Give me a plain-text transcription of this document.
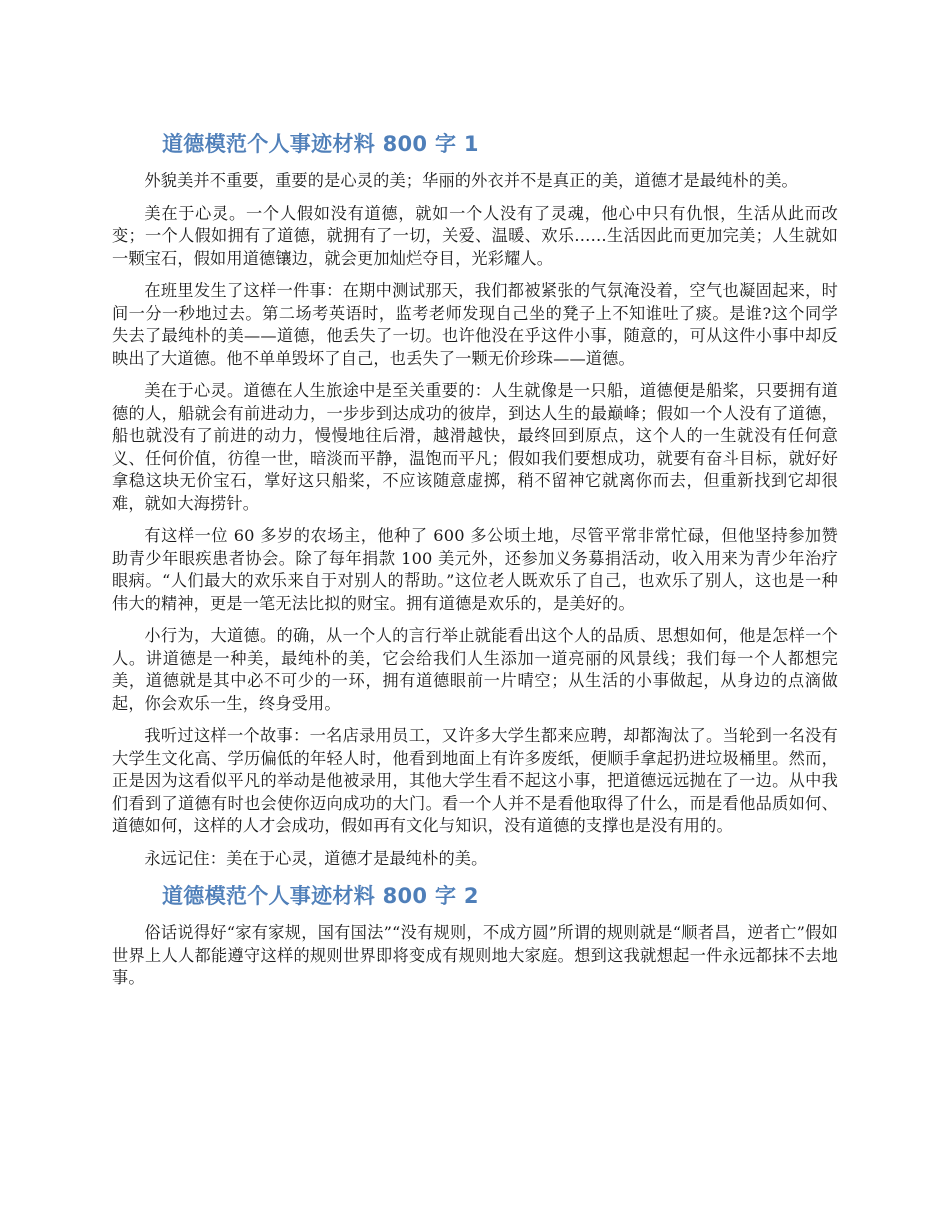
道德模范个人事迹材料 800 字 1

外貌美并不重要，重要的是心灵的美；华丽的外衣并不是真正的美，道德才是最纯朴的美。

美在于心灵。一个人假如没有道德，就如一个人没有了灵魂，他心中只有仇恨，生活从此而改变；一个人假如拥有了道德，就拥有了一切，关爱、温暖、欢乐……生活因此而更加完美；人生就如一颗宝石，假如用道德镶边，就会更加灿烂夺目，光彩耀人。

在班里发生了这样一件事：在期中测试那天，我们都被紧张的气氛淹没着，空气也凝固起来，时间一分一秒地过去。第二场考英语时，监考老师发现自己坐的凳子上不知谁吐了痰。是谁?这个同学失去了最纯朴的美——道德，他丢失了一切。也许他没在乎这件小事，随意的，可从这件小事中却反映出了大道德。他不单单毁坏了自己，也丢失了一颗无价珍珠——道德。

美在于心灵。道德在人生旅途中是至关重要的：人生就像是一只船，道德便是船桨，只要拥有道德的人，船就会有前进动力，一步步到达成功的彼岸，到达人生的最巅峰；假如一个人没有了道德，船也就没有了前进的动力，慢慢地往后滑，越滑越快，最终回到原点，这个人的一生就没有任何意义、任何价值，彷徨一世，暗淡而平静，温饱而平凡；假如我们要想成功，就要有奋斗目标，就好好拿稳这块无价宝石，掌好这只船桨，不应该随意虚掷，稍不留神它就离你而去，但重新找到它却很难，就如大海捞针。

有这样一位 60 多岁的农场主，他种了 600 多公顷土地，尽管平常非常忙碌，但他坚持参加赞助青少年眼疾患者协会。除了每年捐款 100 美元外，还参加义务募捐活动，收入用来为青少年治疗眼病。“人们最大的欢乐来自于对别人的帮助。”这位老人既欢乐了自己，也欢乐了别人，这也是一种伟大的精神，更是一笔无法比拟的财宝。拥有道德是欢乐的，是美好的。

小行为，大道德。的确，从一个人的言行举止就能看出这个人的品质、思想如何，他是怎样一个人。讲道德是一种美，最纯朴的美，它会给我们人生添加一道亮丽的风景线；我们每一个人都想完美，道德就是其中必不可少的一环，拥有道德眼前一片晴空；从生活的小事做起，从身边的点滴做起，你会欢乐一生，终身受用。

我听过这样一个故事：一名店录用员工，又许多大学生都来应聘，却都淘汰了。当轮到一名没有大学生文化高、学历偏低的年轻人时，他看到地面上有许多废纸，便顺手拿起扔进垃圾桶里。然而，正是因为这看似平凡的举动是他被录用，其他大学生看不起这小事，把道德远远抛在了一边。从中我们看到了道德有时也会使你迈向成功的大门。看一个人并不是看他取得了什么，而是看他品质如何、道德如何，这样的人才会成功，假如再有文化与知识，没有道德的支撑也是没有用的。

永远记住：美在于心灵，道德才是最纯朴的美。

道德模范个人事迹材料 800 字 2

俗话说得好“家有家规，国有国法”“没有规则，不成方圆”所谓的规则就是“顺者昌，逆者亡”假如世界上人人都能遵守这样的规则世界即将变成有规则地大家庭。想到这我就想起一件永远都抹不去地事。
